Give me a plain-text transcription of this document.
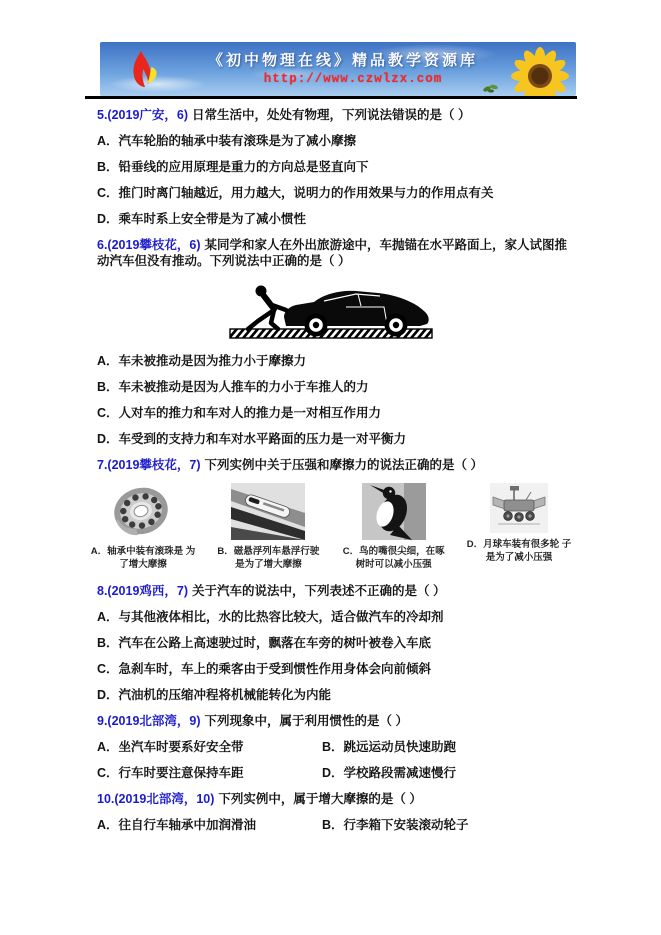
《初中物理在线》精品教学资源库
http://www.czwlzx.com

5.(2019广安，6) 日常生活中，处处有物理，下列说法错误的是（ ）

A．汽车轮胎的轴承中装有滚珠是为了减小摩擦

B．铅垂线的应用原理是重力的方向总是竖直向下

C．推门时离门轴越近，用力越大，说明力的作用效果与力的作用点有关

D．乘车时系上安全带是为了减小惯性

6.(2019攀枝花，6) 某同学和家人在外出旅游途中，车抛锚在水平路面上，家人试图推动汽车但没有推动。下列说法中正确的是（ ）

A．车未被推动是因为推力小于摩擦力

B．车未被推动是因为人推车的力小于车推人的力

C．人对车的推力和车对人的推力是一对相互作用力

D．车受到的支持力和车对水平路面的压力是一对平衡力

7.(2019攀枝花，7) 下列实例中关于压强和摩擦力的说法正确的是（ ）

A．轴承中装有滚珠是 为了增大摩擦

B．磁悬浮列车悬浮行驶 是为了增大摩擦

C．鸟的嘴很尖细，在啄 树时可以减小压强

D．月球车装有很多轮 子是为了减小压强

8.(2019鸡西，7) 关于汽车的说法中，下列表述不正确的是（ ）

A．与其他液体相比，水的比热容比较大，适合做汽车的冷却剂

B．汽车在公路上高速驶过时，飘落在车旁的树叶被卷入车底

C．急刹车时，车上的乘客由于受到惯性作用身体会向前倾斜

D．汽油机的压缩冲程将机械能转化为内能

9.(2019北部湾，9) 下列现象中，属于利用惯性的是（ ）

A．坐汽车时要系好安全带	B．跳远运动员快速助跑

C．行车时要注意保持车距	D．学校路段需减速慢行

10.(2019北部湾，10) 下列实例中，属于增大摩擦的是（ ）

A．往自行车轴承中加润滑油	B．行李箱下安装滚动轮子
